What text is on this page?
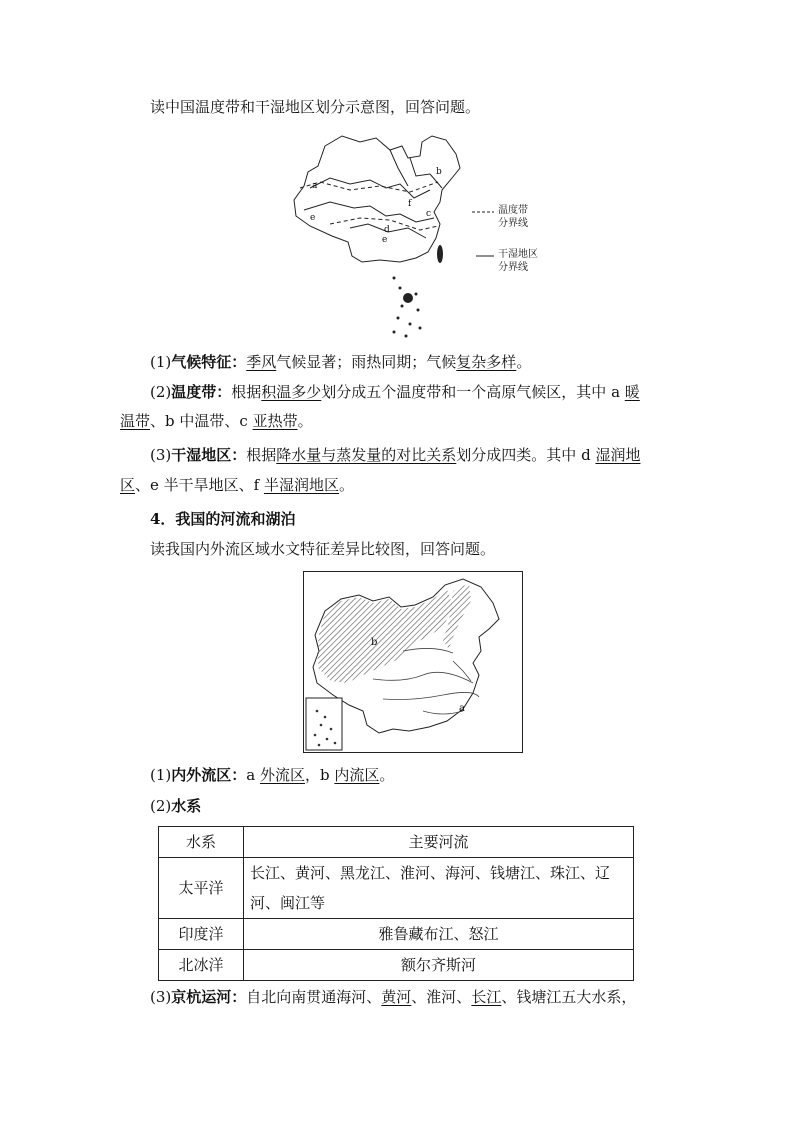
读中国温度带和干湿地区划分示意图，回答问题。
a
b
c
d
e
f
e
温度带
分界线
干湿地区
分界线
(1)气候特征：季风气候显著；雨热同期；气候复杂多样。
(2)温度带：根据积温多少划分成五个温度带和一个高原气候区，其中 a 暖
温带、b 中温带、c 亚热带。
(3)干湿地区：根据降水量与蒸发量的对比关系划分成四类。其中 d 湿润地
区、e 半干旱地区、f 半湿润地区。
4．我国的河流和湖泊
读我国内外流区域水文特征差异比较图，回答问题。
a
b
(1)内外流区：a 外流区，b 内流区。
(2)水系
水系	主要河流
太平洋	长江、黄河、黑龙江、淮河、海河、钱塘江、珠江、辽
河、闽江等

印度洋	雅鲁藏布江、怒江
北冰洋	额尔齐斯河
(3)京杭运河：自北向南贯通海河、黄河、淮河、长江、钱塘江五大水系，
